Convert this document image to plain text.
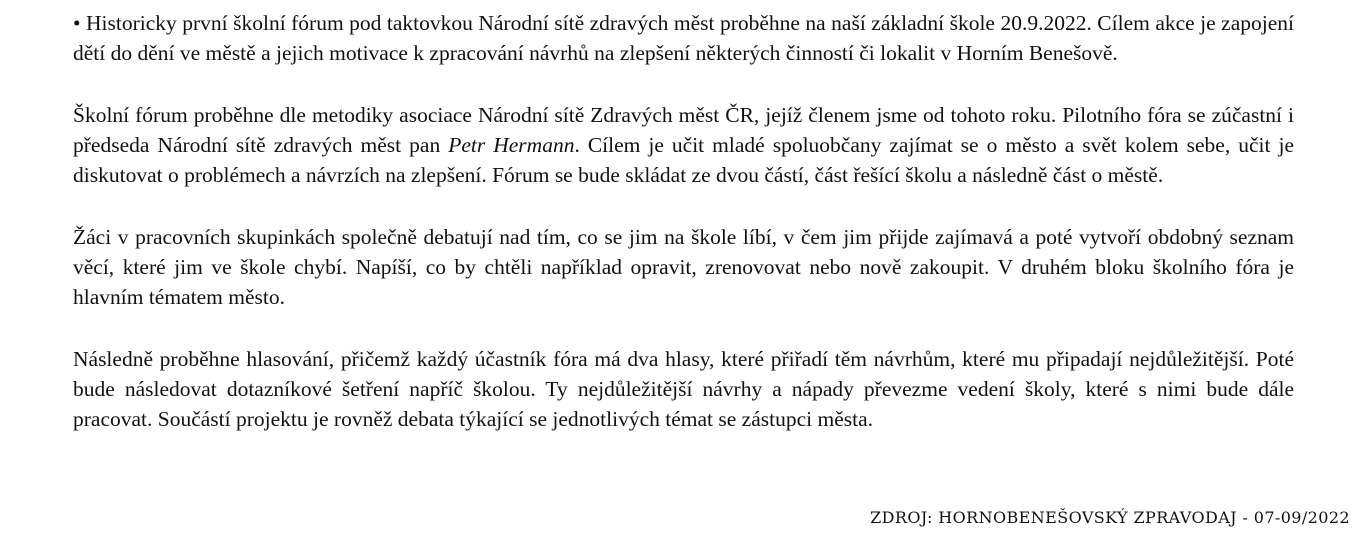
• Historicky první školní fórum pod taktovkou Národní sítě zdravých měst proběhne na naší základní škole 20.9.2022. Cílem akce je zapojení dětí do dění ve městě a jejich motivace k zpracování návrhů na zlepšení některých činností či lokalit v Horním Benešově.

Školní fórum proběhne dle metodiky asociace Národní sítě Zdravých měst ČR, jejíž členem jsme od tohoto roku. Pilotního fóra se zúčastní i předseda Národní sítě zdravých měst pan Petr Hermann. Cílem je učit mladé spoluobčany zajímat se o město a svět kolem sebe, učit je diskutovat o problémech a návrzích na zlepšení. Fórum se bude skládat ze dvou částí, část řešící školu a následně část o městě.

Žáci v pracovních skupinkách společně debatují nad tím, co se jim na škole líbí, v čem jim přijde zajímavá a poté vytvoří obdobný seznam věcí, které jim ve škole chybí. Napíší, co by chtěli například opravit, zrenovovat nebo nově zakoupit. V druhém bloku školního fóra je hlavním tématem město.

Následně proběhne hlasování, přičemž každý účastník fóra má dva hlasy, které přiřadí těm návrhům, které mu připadají nejdůležitější. Poté bude následovat dotazníkové šetření napříč školou. Ty nejdůležitější návrhy a nápady převezme vedení školy, které s nimi bude dále pracovat. Součástí projektu je rovněž debata týkající se jednotlivých témat se zástupci města.

ZDROJ: HORNOBENEŠOVSKÝ ZPRAVODAJ - 07-09/2022
